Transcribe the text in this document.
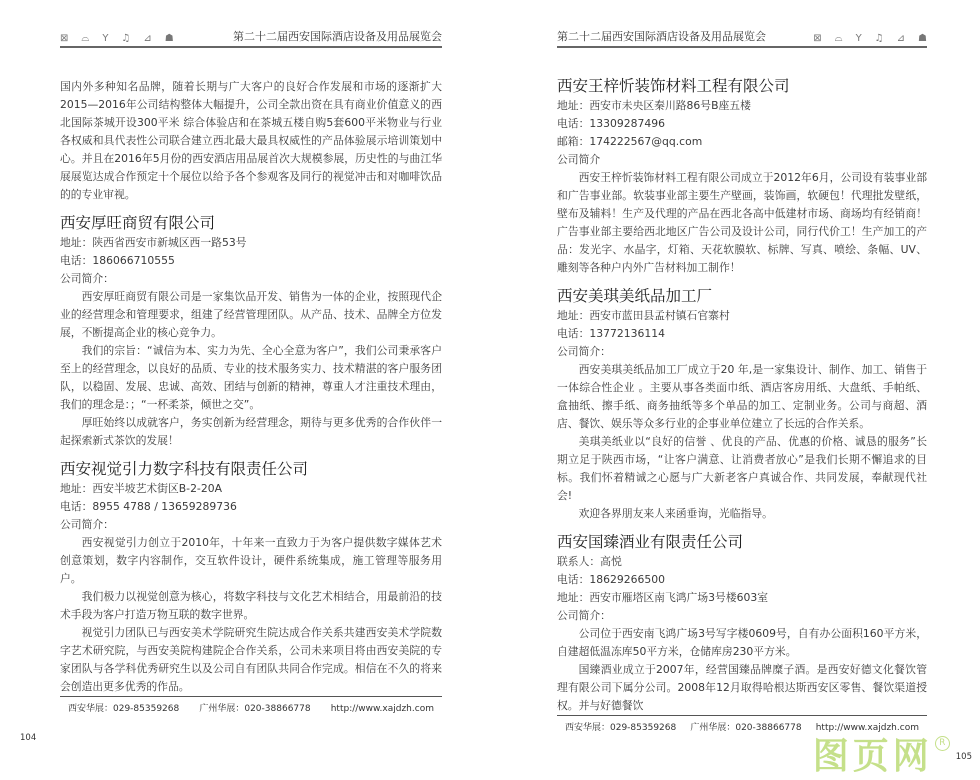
⊠ ⌓ Y ♫ ⊿ ☗	第二十二届西安国际酒店设备及用品展览会

国内外多种知名品牌，随着长期与广大客户的良好合作发展和市场的逐渐扩大2015—2016年公司结构整体大幅提升，公司全款出资在具有商业价值意义的西北国际茶城开设300平米 综合体验店和在茶城五楼自购5套600平米物业与行业各权威和具代表性公司联合建立西北最大最具权威性的产品体验展示培训策划中心。并且在2016年5月份的西安酒店用品展首次大规模参展，历史性的与曲江华展展览达成合作预定十个展位以给予各个参观客及同行的视觉冲击和对咖啡饮品的的专业审视。

西安厚旺商贸有限公司
地址：陕西省西安市新城区西一路53号
电话：186066710555
公司简介：

西安厚旺商贸有限公司是一家集饮品开发、销售为一体的企业，按照现代企业的经营理念和管理要求，组建了经营管理团队。从产品、技术、品牌全方位发展，不断提高企业的核心竞争力。

我们的宗旨：“诚信为本、实力为先、全心全意为客户”，我们公司秉承客户至上的经营理念，以良好的品质、专业的技术服务实力、技术精湛的客户服务团队，以稳固、发展、忠诚、高效、团结与创新的精神，尊重人才注重技术理由，我们的理念是：；“一杯柔茶，倾世之交”。

厚旺始终以成就客户，务实创新为经营理念，期待与更多优秀的合作伙伴一起探索新式茶饮的发展！

西安视觉引力数字科技有限责任公司
地址：西安半坡艺术街区B-2-20A
电话：8955 4788 / 13659289736
公司简介：

西安视觉引力创立于2010年，十年来一直致力于为客户提供数字媒体艺术创意策划，数字内容制作，交互软件设计，硬件系统集成，施工管理等服务用户。

我们极力以视觉创意为核心，将数字科技与文化艺术相结合，用最前沿的技术手段为客户打造万物互联的数字世界。

视觉引力团队已与西安美术学院研究生院达成合作关系共建西安美术学院数字艺术研究院，与西安美院构建院企合作关系，公司未来项目将由西安美院的专家团队与各学科优秀研究生以及公司自有团队共同合作完成。相信在不久的将来会创造出更多优秀的作品。

西安华展：029-85359268 广州华展：020-38866778 http://www.xajdzh.com
104
第二十二届西安国际酒店设备及用品展览会	⊠ ⌓ Y ♫ ⊿ ☗
西安王梓忻装饰材料工程有限公司
地址：西安市未央区秦川路86号B座五楼
电话：13309287496
邮箱：174222567@qq.com
公司简介

西安王梓忻装饰材料工程有限公司成立于2012年6月，公司设有装事业部和广告事业部。软装事业部主要生产壁画，装饰画，软硬包！代理批发壁纸，壁布及辅料！生产及代理的产品在西北各高中低建材市场、商场均有经销商！广告事业部主要给西北地区广告公司及设计公司，同行代价工！生产加工的产品：发光字、水晶字，灯箱、天花软膜软、标牌、写真、喷绘、条幅、UV、雕刻等各种户内外广告材料加工制作！

西安美琪美纸品加工厂
地址：西安市蓝田县孟村镇石官寨村
电话：13772136114
公司简介：

西安美琪美纸品加工厂成立于20 年,是一家集设计、制作、加工、销售于一体综合性企业 。主要从事各类面巾纸、酒店客房用纸、大盘纸、手帕纸、盒抽纸、擦手纸、商务抽纸等多个单品的加工、定制业务。公司与商超、酒店、餐饮、娱乐等众多行业的企事业单位建立了长远的合作关系。

美琪美纸业以“良好的信誉 、优良的产品、优惠的价格、诚恳的服务”长期立足于陕西市场，“让客户满意、让消费者放心”是我们长期不懈追求的目标。我们怀着精诚之心愿与广大新老客户真诚合作、共同发展，奉献现代社会!

欢迎各界朋友来人来函垂询，光临指导。

西安国臻酒业有限责任公司
联系人：高悦
电话：18629266500
地址：西安市雁塔区南飞鸿广场3号楼603室
公司简介：

公司位于西安南飞鸿广场3号写字楼0609号，自有办公面积160平方米，自建超低温冻库50平方米，仓储库房230平方米。

国臻酒业成立于2007年，经营国臻品牌糜子酒。是西安好德文化餐饮管理有限公司下属分公司。2008年12月取得哈根达斯西安区零售、餐饮渠道授权。并与好德餐饮

西安华展：029-85359268 广州华展：020-38866778 http://www.xajdzh.com
图页网 R
105
